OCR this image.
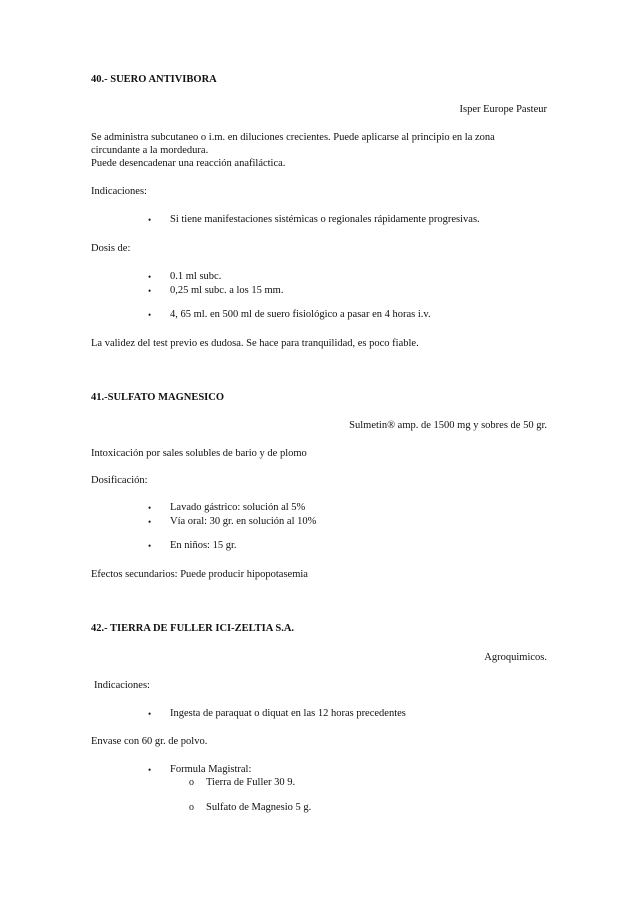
40.- SUERO ANTIVIBORA
Isper Europe Pasteur
Se administra subcutaneo o i.m. en diluciones crecientes. Puede aplicarse al principio en la zona
circundante a la mordedura.
Puede desencadenar una reacción anafiláctica.
Indicaciones:
• Si tiene manifestaciones sistémicas o regionales rápidamente progresivas.
Dosis de:
• 0.1 ml subc.
• 0,25 ml subc. a los 15 mm.
• 4, 65 ml. en 500 ml de suero fisiológico a pasar en 4 horas i.v.
La validez del test previo es dudosa. Se hace para tranquilidad, es poco fiable.
41.-SULFATO MAGNESICO
Sulmetin® amp. de 1500 mg y sobres de 50 gr.
Intoxicación por sales solubles de bario y de plomo
Dosificación:
• Lavado gástrico: solución al 5%
• Vía oral: 30 gr. en solución al 10%
• En niños: 15 gr.
Efectos secundarios: Puede producir hipopotasemia
42.- TIERRA DE FULLER ICI-ZELTIA S.A.
Agroquimicos.
Indicaciones:
• Ingesta de paraquat o diquat en las 12 horas precedentes
Envase con 60 gr. de polvo.
• Formula Magistral:
o Tierra de Fuller 30 9.
o Sulfato de Magnesio 5 g.
